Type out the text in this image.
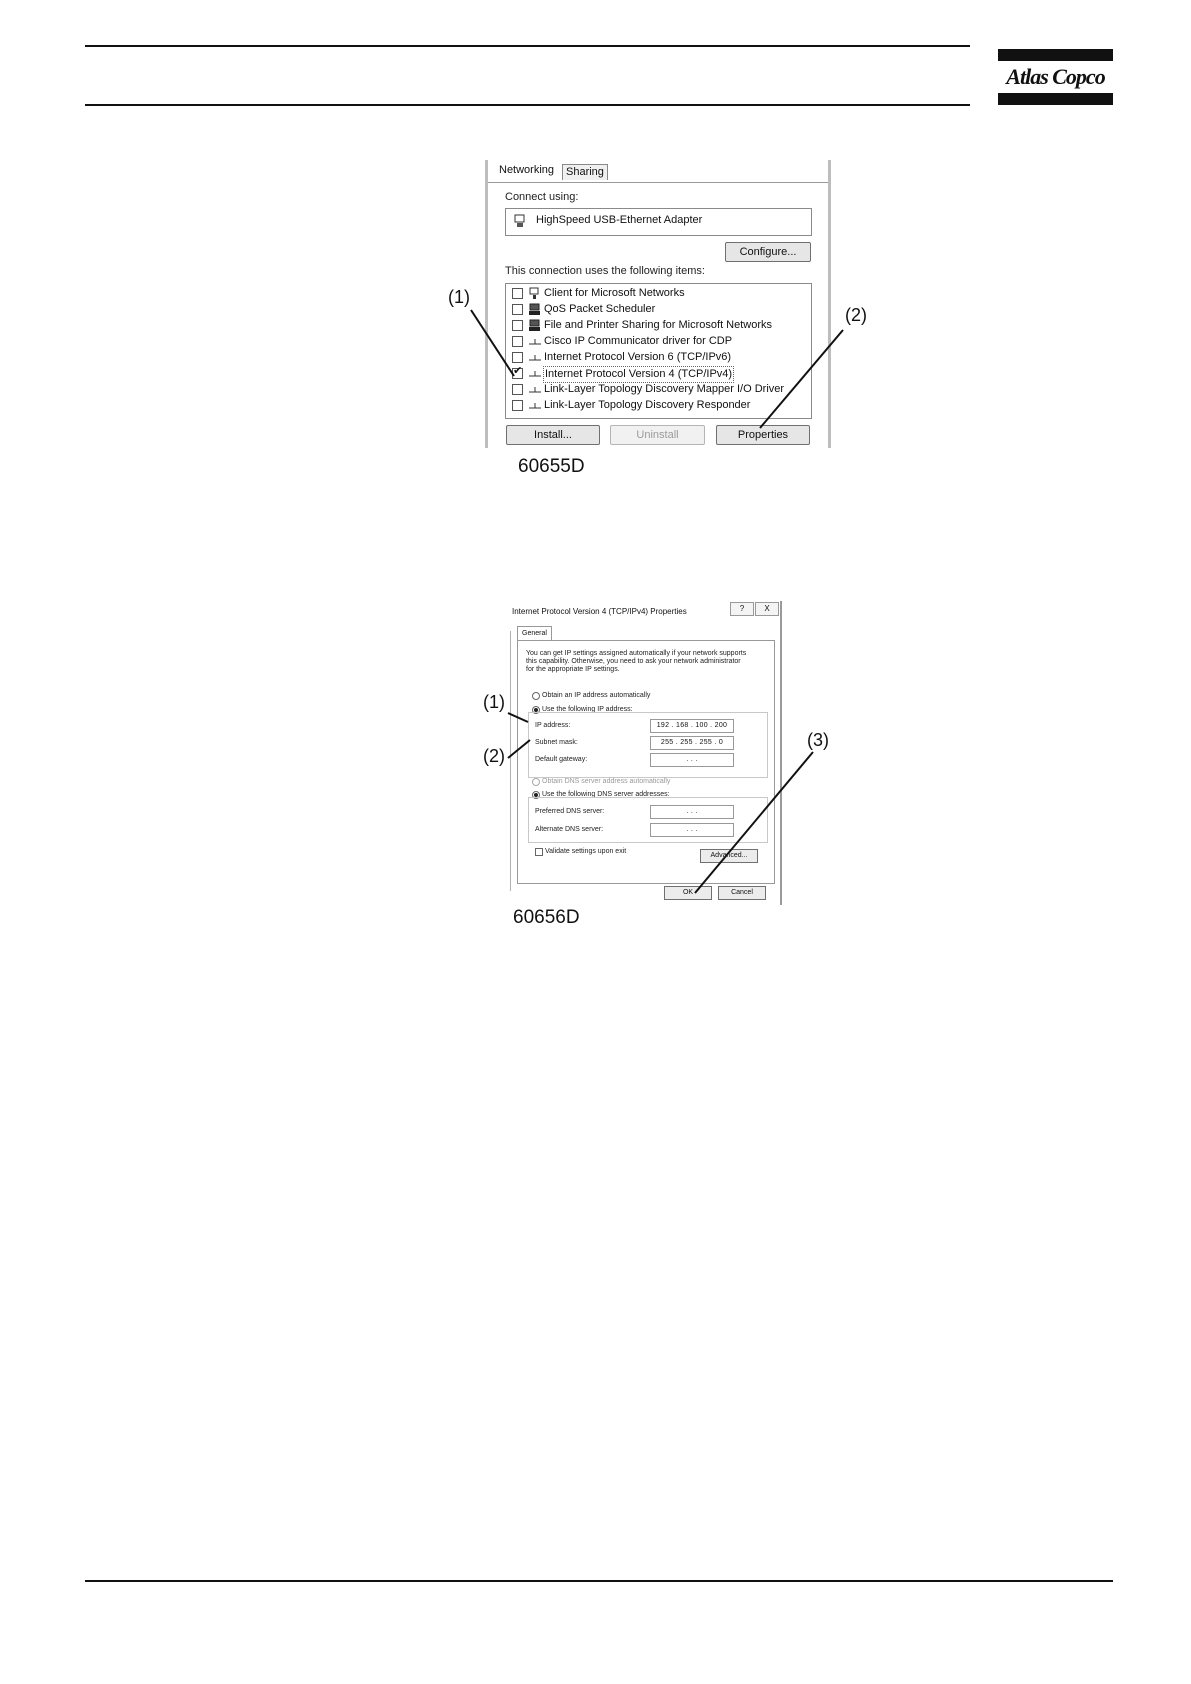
Atlas Copco
Networking	Sharing
Connect using:
HighSpeed USB-Ethernet Adapter
Configure...
This connection uses the following items:
Client for Microsoft Networks
QoS Packet Scheduler
File and Printer Sharing for Microsoft Networks
Cisco IP Communicator driver for CDP
Internet Protocol Version 6 (TCP/IPv6)
✔ Internet Protocol Version 4 (TCP/IPv4)
Link-Layer Topology Discovery Mapper I/O Driver
Link-Layer Topology Discovery Responder
Install...	Uninstall	Properties
(1)
(2)
60655D
Internet Protocol Version 4 (TCP/IPv4) Properties	?	X
General
You can get IP settings assigned automatically if your network supports
this capability. Otherwise, you need to ask your network administrator
for the appropriate IP settings.
Obtain an IP address automatically
Use the following IP address:
IP address:	192 . 168 . 100 . 200
Subnet mask:	255 . 255 . 255 . 0
Default gateway:	. . .
Obtain DNS server address automatically
Use the following DNS server addresses:
Preferred DNS server:	. . .
Alternate DNS server:	. . .
Validate settings upon exit
Advanced...
OK	Cancel
(1)
(2)
(3)
60656D
